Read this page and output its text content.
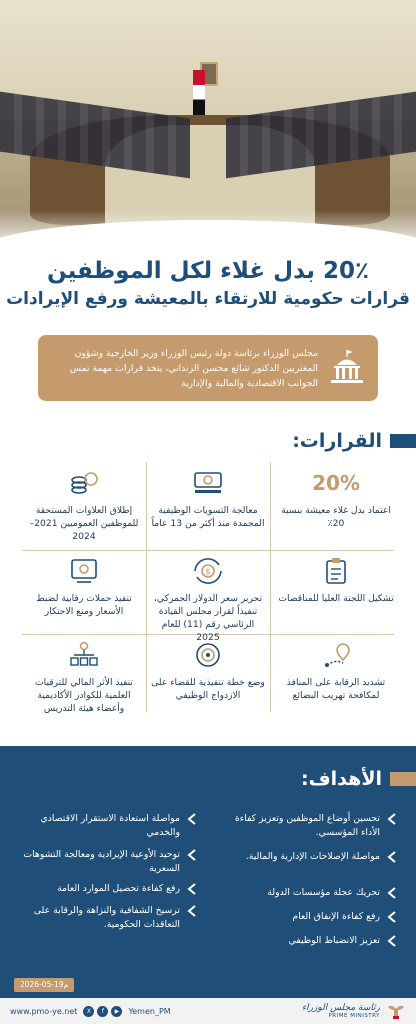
20٪ بدل غلاء لكل الموظفين
قرارات حكومية للارتقاء بالمعيشة ورفع الإيرادات
مجلس الوزراء برئاسة دولة رئيس الوزراء وزير الخارجية وشؤون المغتربين الدكتور شائع محسن الزنداني، يتخذ قرارات مهمة تمس الجوانب الاقتصادية والمالية والإدارية
القرارات:
20%
اعتماد بدل غلاء معيشة بنسبة 20٪
معالجة التسويات الوظيفية المجمدة منذ أكثر من 13 عاماً
إطلاق العلاوات المستحقة للموظفين العموميين 2021–2024
تشكيل اللجنة العليا للمناقصات
$
تحرير سعر الدولار الجمركي، تنفيذاً لقرار مجلس القيادة الرئاسي رقم (11) للعام 2025
تنفيذ حملات رقابية لضبط الأسعار ومنع الاحتكار
تشديد الرقابة على المنافذ لمكافحة تهريب البضائع
وضع خطة تنفيذية للقضاء على الازدواج الوظيفي
تنفيذ الأثر المالي للترقيات العلمية للكوادر الأكاديمية وأعضاء هيئة التدريس
الأهداف:
تحسين أوضاع الموظفين وتعزيز كفاءة الأداء المؤسسي.
مواصلة الإصلاحات الإدارية والمالية.
تحريك عجلة مؤسسات الدولة
رفع كفاءة الإنفاق العام
تعزيز الانضباط الوظيفي
مواصلة استعادة الاستقرار الاقتصادي والخدمي
توحيد الأوعية الإيرادية ومعالجة التشوهات السعرية
رفع كفاءة تحصيل الموارد العامة
ترسيخ الشفافية والنزاهة والرقابة على التعاقدات الحكومية.
2026-05-19م
www.pmo-ye.net	X	f	▶	Yemen_PM	رئاسة مجلس الوزراء
PRIME MINISTRY
